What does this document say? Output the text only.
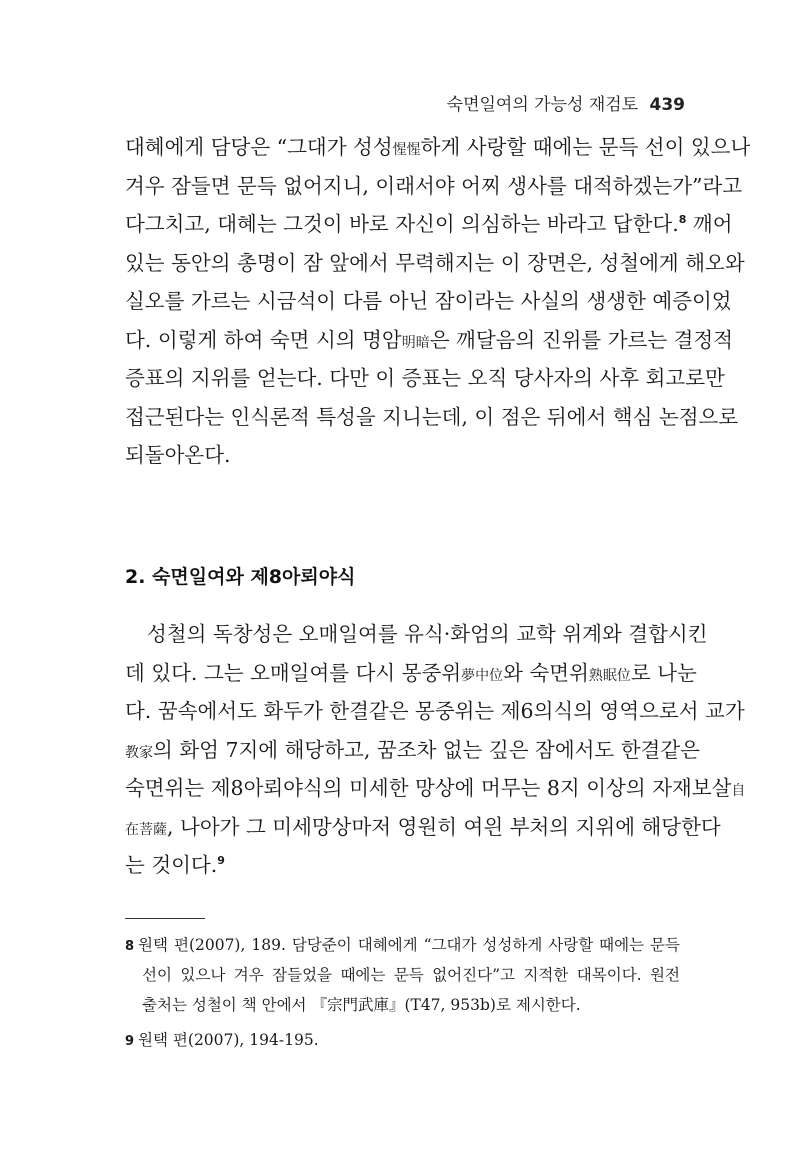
숙면일여의 가능성 재검토 439
대혜에게 담당은 “그대가 성성惺惺하게 사랑할 때에는 문득 선이 있으나
겨우 잠들면 문득 없어지니, 이래서야 어찌 생사를 대적하겠는가”라고
다그치고, 대혜는 그것이 바로 자신이 의심하는 바라고 답한다.$^8$ 깨어
있는 동안의 총명이 잠 앞에서 무력해지는 이 장면은, 성철에게 해오와
실오를 가르는 시금석이 다름 아닌 잠이라는 사실의 생생한 예증이었
다. 이렇게 하여 숙면 시의 명암明暗은 깨달음의 진위를 가르는 결정적
증표의 지위를 얻는다. 다만 이 증표는 오직 당사자의 사후 회고로만
접근된다는 인식론적 특성을 지니는데, 이 점은 뒤에서 핵심 논점으로
되돌아온다.
2. 숙면일여와 제8아뢰야식
성철의 독창성은 오매일여를 유식·화엄의 교학 위계와 결합시킨
데 있다. 그는 오매일여를 다시 몽중위夢中位와 숙면위熟眠位로 나눈
다. 꿈속에서도 화두가 한결같은 몽중위는 제6의식의 영역으로서 교가
教家의 화엄 7지에 해당하고, 꿈조차 없는 깊은 잠에서도 한결같은
숙면위는 제8아뢰야식의 미세한 망상에 머무는 8지 이상의 자재보살自
在菩薩, 나아가 그 미세망상마저 영원히 여읜 부처의 지위에 해당한다
는 것이다.$^9$
8 원택 편(2007), 189. 담당준이 대혜에게 “그대가 성성하게 사랑할 때에는 문득
선이 있으나 겨우 잠들었을 때에는 문득 없어진다”고 지적한 대목이다. 원전
출처는 성철이 책 안에서 『宗門武庫』(T47, 953b)로 제시한다.
9 원택 편(2007), 194-195.
